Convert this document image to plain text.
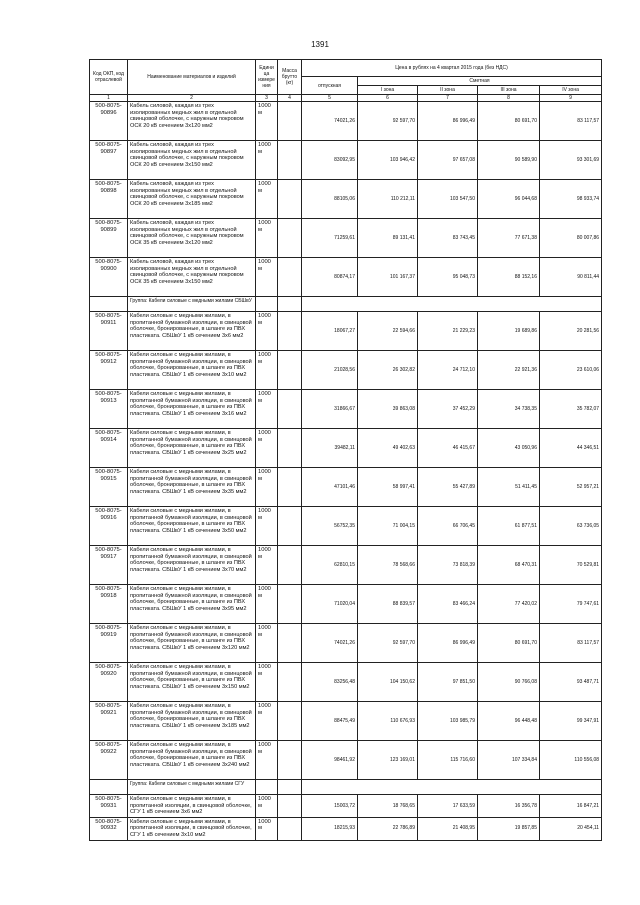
1391
Код ОКП, код отраслевой	Наименование материалов и изделий	Едини ца измере ния	Масса брутто (кг)	Цена в рублях на 4 квартал 2015 года (без НДС)				
				отпускная	Сметная			
					I зона	II зона	III зона	IV зона
1	2	3	4	5	6	7	8	9
500-8075-90896	Кабель силовой, каждая из трех изолированных медных жил в отдельной свинцовой оболочке, с наружным покровом ОСК 20 кВ сечением 3х120 мм2	1000 м		74021,26	92 597,70	86 996,49	80 691,70	83 117,57
500-8075-90897	Кабель силовой, каждая из трех изолированных медных жил в отдельной свинцовой оболочке, с наружным покровом ОСК 20 кВ сечением 3х150 мм2	1000 м		83092,95	103 946,42	97 657,08	90 589,90	93 301,69
500-8075-90898	Кабель силовой, каждая из трех изолированных медных жил в отдельной свинцовой оболочке, с наружным покровом ОСК 20 кВ сечением 3х185 мм2	1000 м		88105,06	110 212,11	103 547,50	96 044,68	98 933,74
500-8075-90899	Кабель силовой, каждая из трех изолированных медных жил в отдельной свинцовой оболочке, с наружным покровом ОСК 35 кВ сечением 3х120 мм2	1000 м		71259,61	89 131,41	83 743,45	77 671,38	80 007,86
500-8075-90900	Кабель силовой, каждая из трех изолированных медных жил в отдельной свинцовой оболочке, с наружным покровом ОСК 35 кВ сечением 3х150 мм2	1000 м		80874,17	101 167,37	95 048,73	88 152,16	90 811,44
	Группа: Кабели силовые с медными жилами СБШвУ							
500-8075-90911	Кабели силовые с медными жилами, в пропитанной бумажной изоляции, в свинцовой оболочке, бронированные, в шланге из ПВХ пластиката. СБШвУ 1 кВ сечением 3х6 мм2	1000 м		18067,27	22 594,66	21 229,23	19 689,86	20 281,56
500-8075-90912	Кабели силовые с медными жилами, в пропитанной бумажной изоляции, в свинцовой оболочке, бронированные, в шланге из ПВХ пластиката. СБШвУ 1 кВ сечением 3х10 мм2	1000 м		21028,56	26 302,82	24 712,10	22 921,36	23 610,06
500-8075-90913	Кабели силовые с медными жилами, в пропитанной бумажной изоляции, в свинцовой оболочке, бронированные, в шланге из ПВХ пластиката. СБШвУ 1 кВ сечением 3х16 мм2	1000 м		31866,67	39 863,08	37 452,29	34 738,35	35 782,07
500-8075-90914	Кабели силовые с медными жилами, в пропитанной бумажной изоляции, в свинцовой оболочке, бронированные, в шланге из ПВХ пластиката. СБШвУ 1 кВ сечением 3х25 мм2	1000 м		39482,11	49 402,63	46 415,67	43 050,96	44 346,51
500-8075-90915	Кабели силовые с медными жилами, в пропитанной бумажной изоляции, в свинцовой оболочке, бронированные, в шланге из ПВХ пластиката. СБШвУ 1 кВ сечением 3х35 мм2	1000 м		47101,46	58 997,41	55 427,89	51 411,45	52 957,21
500-8075-90916	Кабели силовые с медными жилами, в пропитанной бумажной изоляции, в свинцовой оболочке, бронированные, в шланге из ПВХ пластиката. СБШвУ 1 кВ сечением 3х50 мм2	1000 м		56752,35	71 004,15	66 706,45	61 877,51	63 736,05
500-8075-90917	Кабели силовые с медными жилами, в пропитанной бумажной изоляции, в свинцовой оболочке, бронированные, в шланге из ПВХ пластиката. СБШвУ 1 кВ сечением 3х70 мм2	1000 м		62810,15	78 568,66	73 818,39	68 470,31	70 529,81
500-8075-90918	Кабели силовые с медными жилами, в пропитанной бумажной изоляции, в свинцовой оболочке, бронированные, в шланге из ПВХ пластиката. СБШвУ 1 кВ сечением 3х95 мм2	1000 м		71020,04	88 839,57	83 466,24	77 420,02	79 747,61
500-8075-90919	Кабели силовые с медными жилами, в пропитанной бумажной изоляции, в свинцовой оболочке, бронированные, в шланге из ПВХ пластиката. СБШвУ 1 кВ сечением 3х120 мм2	1000 м		74021,26	92 597,70	86 996,49	80 691,70	83 117,57
500-8075-90920	Кабели силовые с медными жилами, в пропитанной бумажной изоляции, в свинцовой оболочке, бронированные, в шланге из ПВХ пластиката. СБШвУ 1 кВ сечением 3х150 мм2	1000 м		83256,48	104 150,62	97 851,50	90 766,08	93 487,71
500-8075-90921	Кабели силовые с медными жилами, в пропитанной бумажной изоляции, в свинцовой оболочке, бронированные, в шланге из ПВХ пластиката. СБШвУ 1 кВ сечением 3х185 мм2	1000 м		88475,49	110 676,93	103 985,79	96 448,48	99 347,91
500-8075-90922	Кабели силовые с медными жилами, в пропитанной бумажной изоляции, в свинцовой оболочке, бронированные, в шланге из ПВХ пластиката. СБШвУ 1 кВ сечением 3х240 мм2	1000 м		98461,92	123 169,01	115 716,60	107 334,84	110 556,08
	Группа: Кабели силовые с медными жилами СГУ							
500-8075-90931	Кабели силовые с медными жилами, в пропитанной изоляции, в свинцовой оболочке, СГУ 1 кВ сечением 3х6 мм2	1000 м		15003,72	18 768,65	17 633,59	16 356,78	16 847,21
500-8075-90932	Кабели силовые с медными жилами, в пропитанной изоляции, в свинцовой оболочке, СГУ 1 кВ сечением 3х10 мм2	1000 м		18215,93	22 786,89	21 408,95	19 857,85	20 454,11
